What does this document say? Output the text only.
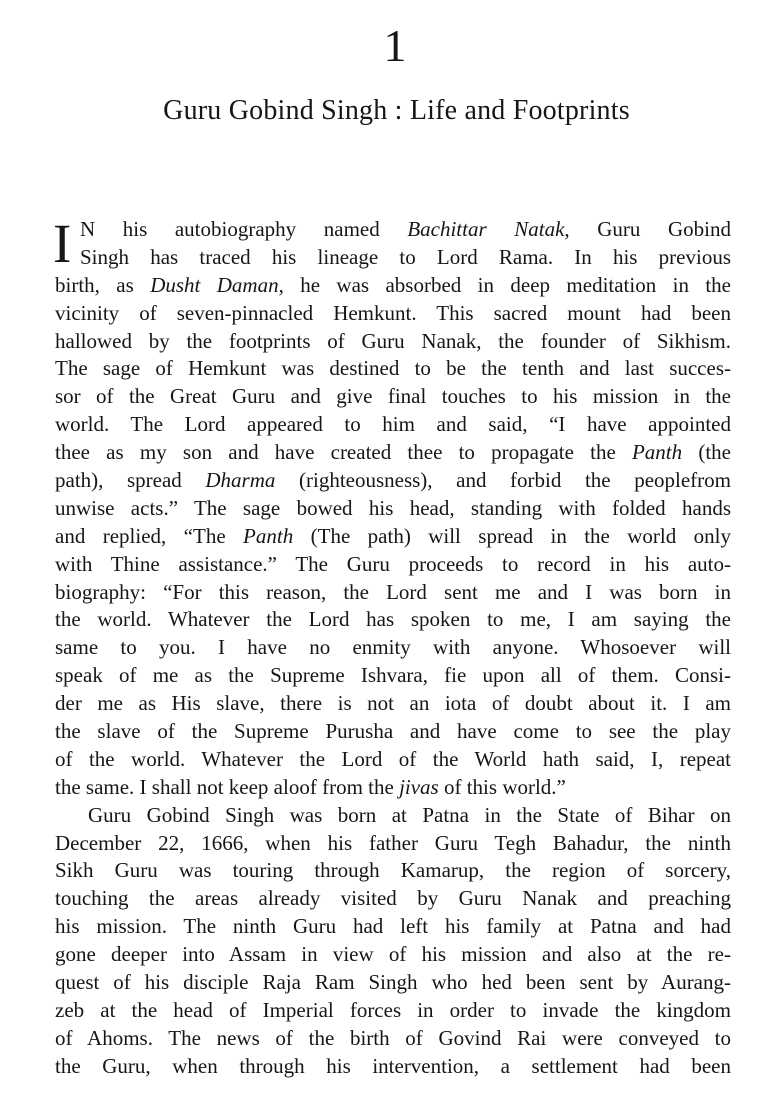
1
Guru Gobind Singh : Life and Footprints
I N his autobiography named Bachittar Natak, Guru Gobind
Singh has traced his lineage to Lord Rama. In his previous
birth, as Dusht Daman, he was absorbed in deep meditation in the
vicinity of seven-pinnacled Hemkunt. This sacred mount had been
hallowed by the footprints of Guru Nanak, the founder of Sikhism.
The sage of Hemkunt was destined to be the tenth and last succes-
sor of the Great Guru and give final touches to his mission in the
world. The Lord appeared to him and said, “I have appointed
thee as my son and have created thee to propagate the Panth (the
path), spread Dharma (righteousness), and forbid the peoplefrom
unwise acts.” The sage bowed his head, standing with folded hands
and replied, “The Panth (The path) will spread in the world only
with Thine assistance.” The Guru proceeds to record in his auto-
biography: “For this reason, the Lord sent me and I was born in
the world. Whatever the Lord has spoken to me, I am saying the
same to you. I have no enmity with anyone. Whosoever will
speak of me as the Supreme Ishvara, fie upon all of them. Consi-
der me as His slave, there is not an iota of doubt about it. I am
the slave of the Supreme Purusha and have come to see the play
of the world. Whatever the Lord of the World hath said, I, repeat
the same. I shall not keep aloof from the jivas of this world.”
Guru Gobind Singh was born at Patna in the State of Bihar on
December 22, 1666, when his father Guru Tegh Bahadur, the ninth
Sikh Guru was touring through Kamarup, the region of sorcery,
touching the areas already visited by Guru Nanak and preaching
his mission. The ninth Guru had left his family at Patna and had
gone deeper into Assam in view of his mission and also at the re-
quest of his disciple Raja Ram Singh who hed been sent by Aurang-
zeb at the head of Imperial forces in order to invade the kingdom
of Ahoms. The news of the birth of Govind Rai were conveyed to
the Guru, when through his intervention, a settlement had been
